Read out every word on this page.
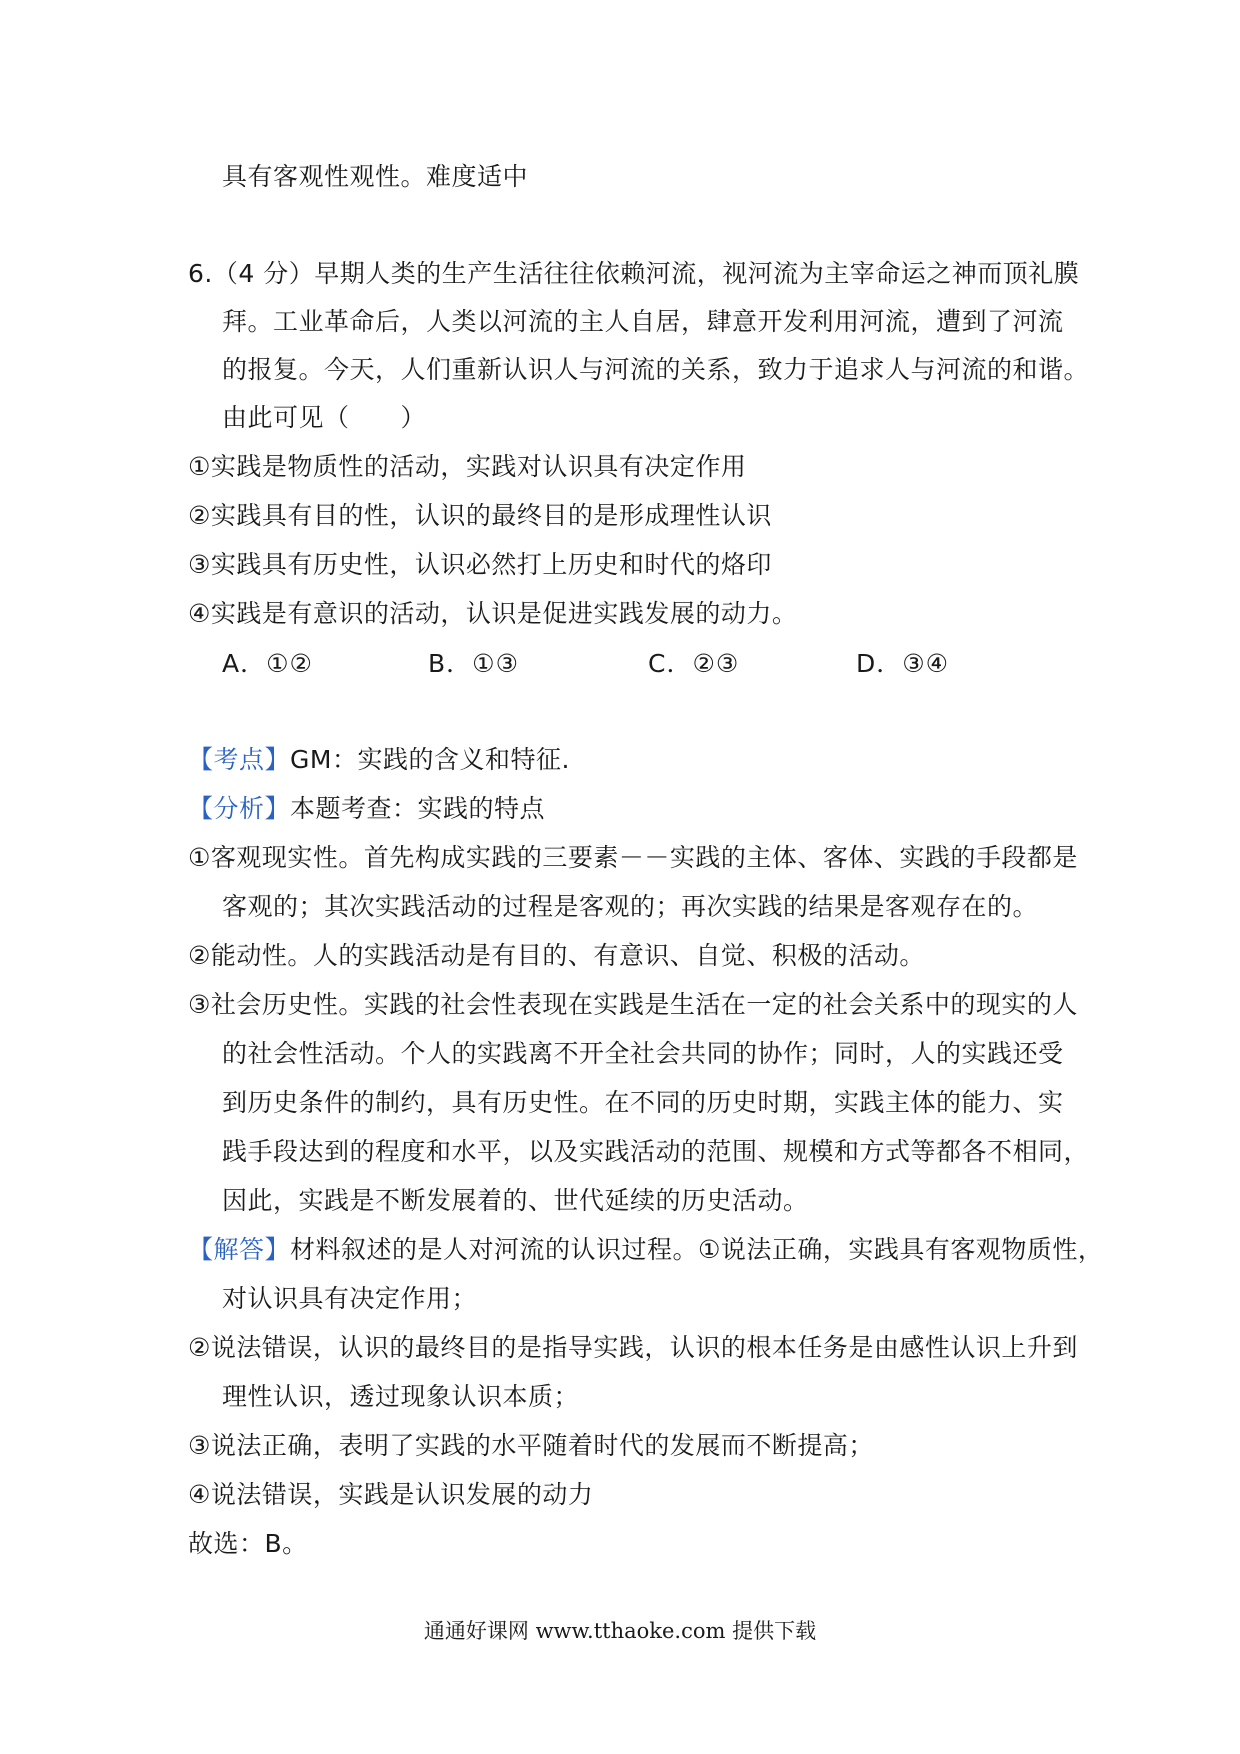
具有客观性观性。难度适中
6.（4 分）早期人类的生产生活往往依赖河流，视河流为主宰命运之神而顶礼膜
拜。工业革命后，人类以河流的主人自居，肆意开发利用河流，遭到了河流
的报复。今天，人们重新认识人与河流的关系，致力于追求人与河流的和谐。
由此可见（　　）
①实践是物质性的活动，实践对认识具有决定作用
②实践具有目的性，认识的最终目的是形成理性认识
③实践具有历史性，认识必然打上历史和时代的烙印
④实践是有意识的活动，认识是促进实践发展的动力。
A．①②	B．①③	C．②③	D．③④
【考点】GM：实践的含义和特征.
【分析】本题考查：实践的特点
①客观现实性。首先构成实践的三要素－－实践的主体、客体、实践的手段都是
客观的；其次实践活动的过程是客观的；再次实践的结果是客观存在的。
②能动性。人的实践活动是有目的、有意识、自觉、积极的活动。
③社会历史性。实践的社会性表现在实践是生活在一定的社会关系中的现实的人
的社会性活动。个人的实践离不开全社会共同的协作；同时，人的实践还受
到历史条件的制约，具有历史性。在不同的历史时期，实践主体的能力、实
践手段达到的程度和水平，以及实践活动的范围、规模和方式等都各不相同，
因此，实践是不断发展着的、世代延续的历史活动。
【解答】材料叙述的是人对河流的认识过程。①说法正确，实践具有客观物质性，
对认识具有决定作用；
②说法错误，认识的最终目的是指导实践，认识的根本任务是由感性认识上升到
理性认识，透过现象认识本质；
③说法正确，表明了实践的水平随着时代的发展而不断提高；
④说法错误，实践是认识发展的动力
故选：B。
通通好课网 www.tthaoke.com 提供下载
